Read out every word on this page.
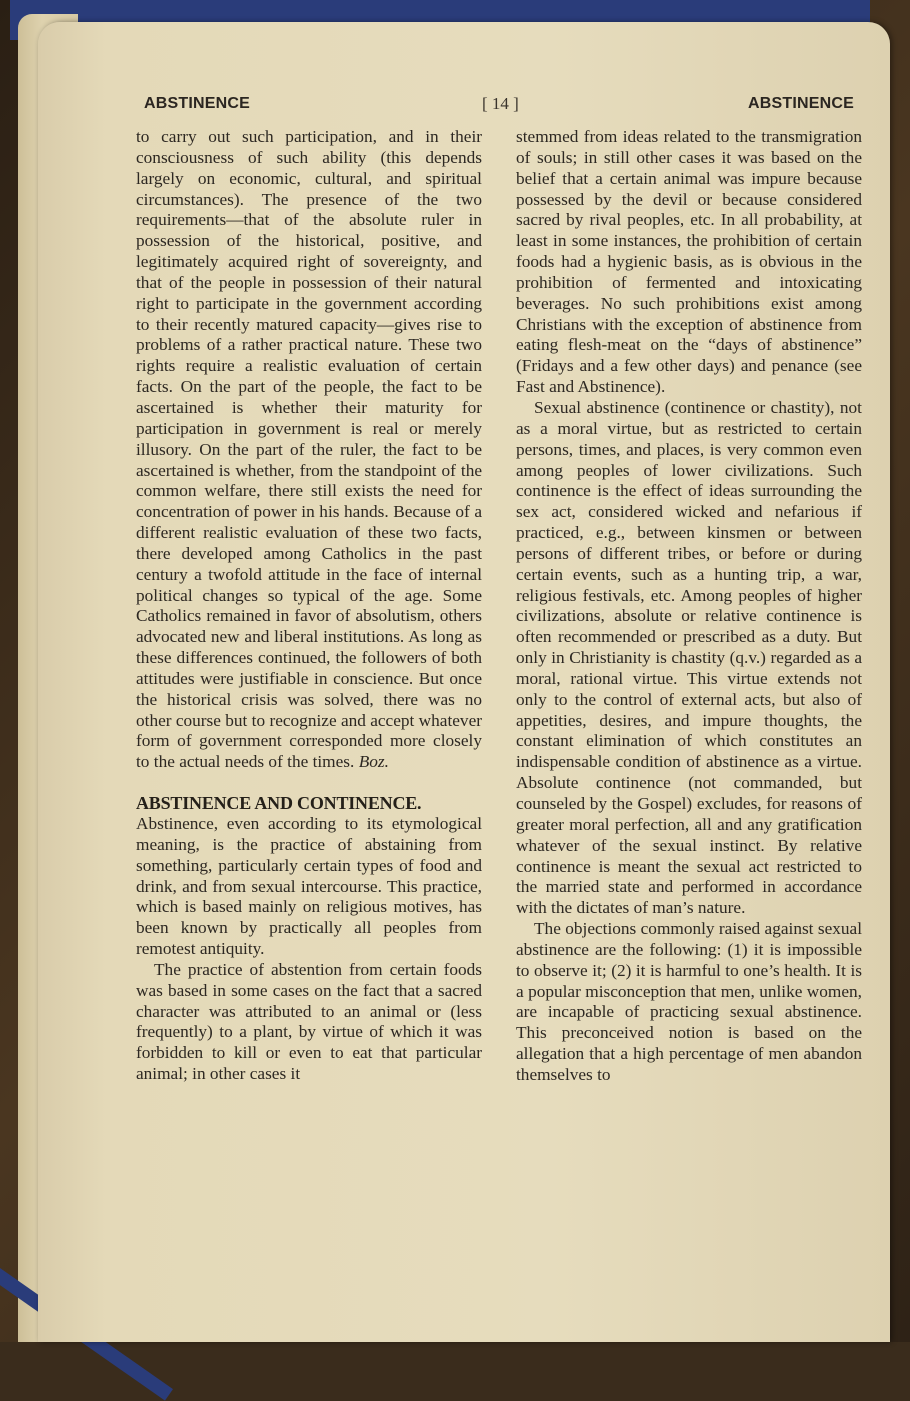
ABSTINENCE	[ 14 ]	ABSTINENCE

to carry out such participation, and in their consciousness of such ability (this depends largely on economic, cultural, and spiritual circumstances). The presence of the two requirements—that of the absolute ruler in possession of the historical, positive, and legitimately acquired right of sovereignty, and that of the people in possession of their natural right to participate in the government according to their recently matured capacity—gives rise to problems of a rather practical nature. These two rights require a realistic evaluation of certain facts. On the part of the people, the fact to be ascertained is whether their maturity for participation in government is real or merely illusory. On the part of the ruler, the fact to be ascertained is whether, from the standpoint of the common welfare, there still exists the need for concentration of power in his hands. Because of a different realistic evaluation of these two facts, there developed among Catholics in the past century a twofold attitude in the face of internal political changes so typical of the age. Some Catholics remained in favor of absolutism, others advocated new and liberal institutions. As long as these differences continued, the followers of both attitudes were justifiable in conscience. But once the historical crisis was solved, there was no other course but to recognize and accept whatever form of government corresponded more closely to the actual needs of the times. Boz.

ABSTINENCE AND CONTINENCE.

Abstinence, even according to its etymological meaning, is the practice of abstaining from something, particularly certain types of food and drink, and from sexual intercourse. This practice, which is based mainly on religious motives, has been known by practically all peoples from remotest antiquity.

The practice of abstention from certain foods was based in some cases on the fact that a sacred character was attributed to an animal or (less frequently) to a plant, by virtue of which it was forbidden to kill or even to eat that particular animal; in other cases it

stemmed from ideas related to the transmigration of souls; in still other cases it was based on the belief that a certain animal was impure because possessed by the devil or because considered sacred by rival peoples, etc. In all probability, at least in some instances, the prohibition of certain foods had a hygienic basis, as is obvious in the prohibition of fermented and intoxicating beverages. No such prohibitions exist among Christians with the exception of abstinence from eating flesh-meat on the “days of abstinence” (Fridays and a few other days) and penance (see Fast and Abstinence).

Sexual abstinence (continence or chastity), not as a moral virtue, but as restricted to certain persons, times, and places, is very common even among peoples of lower civilizations. Such continence is the effect of ideas surrounding the sex act, considered wicked and nefarious if practiced, e.g., between kinsmen or between persons of different tribes, or before or during certain events, such as a hunting trip, a war, religious festivals, etc. Among peoples of higher civilizations, absolute or relative continence is often recommended or prescribed as a duty. But only in Christianity is chastity (q.v.) regarded as a moral, rational virtue. This virtue extends not only to the control of external acts, but also of appetities, desires, and impure thoughts, the constant elimination of which constitutes an indispensable condition of abstinence as a virtue. Absolute continence (not commanded, but counseled by the Gospel) excludes, for reasons of greater moral perfection, all and any gratification whatever of the sexual instinct. By relative continence is meant the sexual act restricted to the married state and performed in accordance with the dictates of man’s nature.

The objections commonly raised against sexual abstinence are the following: (1) it is impossible to observe it; (2) it is harmful to one’s health. It is a popular misconception that men, unlike women, are incapable of practicing sexual abstinence. This preconceived notion is based on the allegation that a high percentage of men abandon themselves to
